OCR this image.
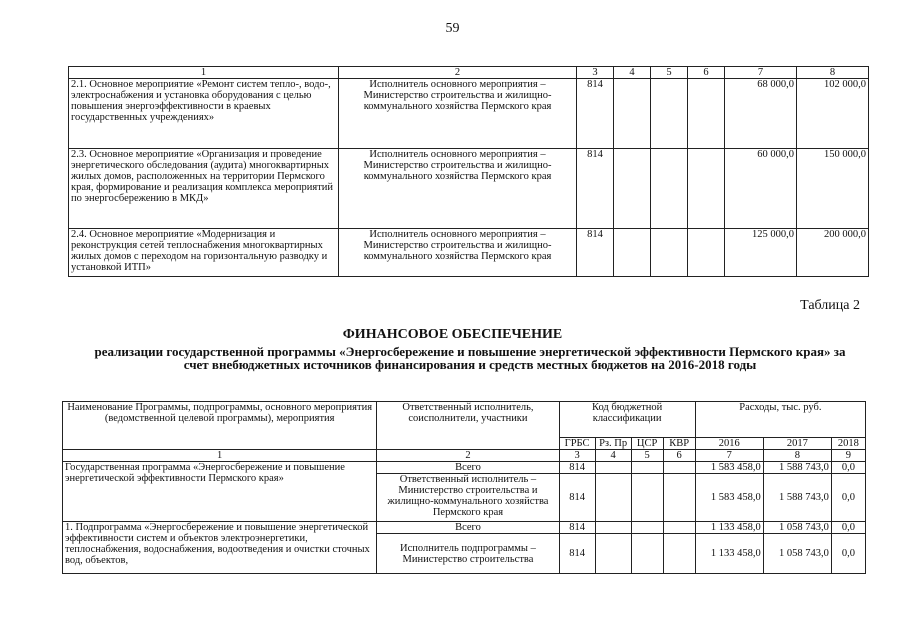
59
1	2	3	4	5	6	7	8
2.1. Основное мероприятие «Ремонт систем тепло-, водо-, электроснабжения и установка оборудования с целью повышения энергоэффективности в краевых государственных учреждениях»	Исполнитель основного мероприятия – Министерство строительства и жилищно-коммунального хозяйства Пермского края	814				68 000,0	102 000,0
2.3. Основное мероприятие «Организация и проведение энергетического обследования (аудита) многоквартирных жилых домов, расположенных на территории Пермского края, формирование и реализация комплекса мероприятий по энергосбережению в МКД»	Исполнитель основного мероприятия – Министерство строительства и жилищно-коммунального хозяйства Пермского края	814				60 000,0	150 000,0
2.4. Основное мероприятие «Модернизация и реконструкция сетей теплоснабжения многоквартирных жилых домов с переходом на горизонтальную разводку и установкой ИТП»	Исполнитель основного мероприятия – Министерство строительства и жилищно-коммунального хозяйства Пермского края	814				125 000,0	200 000,0
Таблица 2
ФИНАНСОВОЕ ОБЕСПЕЧЕНИЕ
реализации государственной программы «Энергосбережение и повышение энергетической эффективности Пермского края» за счет внебюджетных источников финансирования и средств местных бюджетов на 2016-2018 годы
Наименование Программы, подпрограммы, основного мероприятия (ведомственной целевой программы), мероприятия	Ответственный исполнитель, соисполнители, участники	Код бюджетной классификации				Расходы, тыс. руб.		
		ГРБС	Рз. Пр	ЦСР	КВР	2016	2017	2018
1	2	3	4	5	6	7	8	9
Государственная программа «Энергосбережение и повышение энергетической эффективности Пермского края»	Всего	814				1 583 458,0	1 588 743,0	0,0
	Ответственный исполнитель – Министерство строительства и жилищно-коммунального хозяйства Пермского края	814				1 583 458,0	1 588 743,0	0,0
1. Подпрограмма «Энергосбережение и повышение энергетической эффективности систем и объектов электроэнергетики, теплоснабжения, водоснабжения, водоотведения и очистки сточных вод, объектов,	Всего	814				1 133 458,0	1 058 743,0	0,0
	Исполнитель подпрограммы – Министерство строительства	814				1 133 458,0	1 058 743,0	0,0
